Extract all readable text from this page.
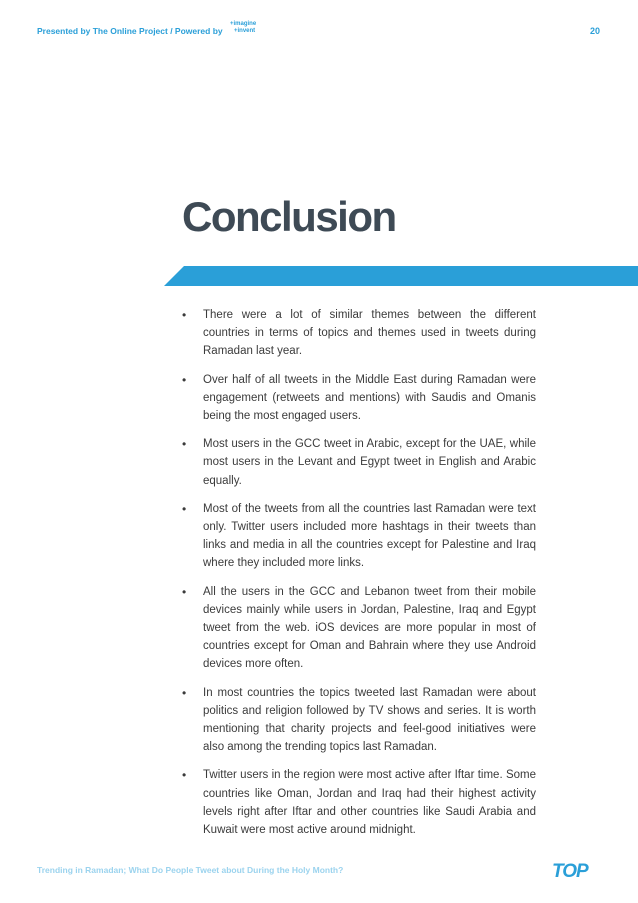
Presented by The Online Project / Powered by
+imagine
+invent	20
Conclusion
• There were a lot of similar themes between the different countries in terms of topics and themes used in tweets during Ramadan last year.
• Over half of all tweets in the Middle East during Ramadan were engagement (retweets and mentions) with Saudis and Omanis being the most engaged users.
• Most users in the GCC tweet in Arabic, except for the UAE, while most users in the Levant and Egypt tweet in English and Arabic equally.
• Most of the tweets from all the countries last Ramadan were text only. Twitter users included more hashtags in their tweets than links and media in all the countries except for Palestine and Iraq where they included more links.
• All the users in the GCC and Lebanon tweet from their mobile devices mainly while users in Jordan, Palestine, Iraq and Egypt tweet from the web. iOS devices are more popular in most of countries except for Oman and Bahrain where they use Android devices more often.
• In most countries the topics tweeted last Ramadan were about politics and religion followed by TV shows and series. It is worth mentioning that charity projects and feel-good initiatives were also among the trending topics last Ramadan.
• Twitter users in the region were most active after Iftar time. Some countries like Oman, Jordan and Iraq had their highest activity levels right after Iftar and other countries like Saudi Arabia and Kuwait were most active around midnight.
Trending in Ramadan; What Do People Tweet about During the Holy Month?	TOP
